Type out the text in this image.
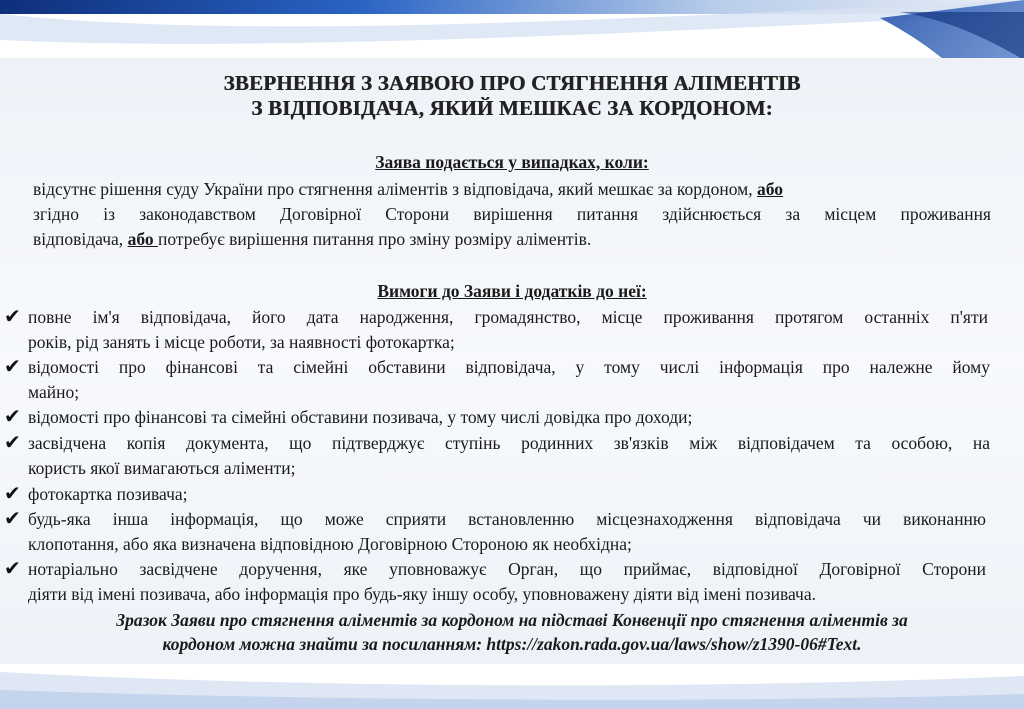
ЗВЕРНЕННЯ З ЗАЯВОЮ ПРО СТЯГНЕННЯ АЛІМЕНТІВ
З ВІДПОВІДАЧА, ЯКИЙ МЕШКАЄ ЗА КОРДОНОМ:
Заява подається у випадках, коли:
відсутнє рішення суду України про стягнення аліментів з відповідача, який мешкає за кордоном, або
згідно із законодавством Договірної Сторони вирішення питання здійснюється за місцем проживання
відповідача, або потребує вирішення питання про зміну розміру аліментів.
Вимоги до Заяви і додатків до неї:
✔ повне ім'я відповідача, його дата народження, громадянство, місце проживання протягом останніх п'яти
років, рід занять і місце роботи, за наявності фотокартка;
✔ відомості про фінансові та сімейні обставини відповідача, у тому числі інформація про належне йому
майно;
✔ відомості про фінансові та сімейні обставини позивача, у тому числі довідка про доходи;
✔ засвідчена копія документа, що підтверджує ступінь родинних зв'язків між відповідачем та особою, на
користь якої вимагаються аліменти;
✔ фотокартка позивача;
✔ будь-яка інша інформація, що може сприяти встановленню місцезнаходження відповідача чи виконанню
клопотання, або яка визначена відповідною Договірною Стороною як необхідна;
✔ нотаріально засвідчене доручення, яке уповноважує Орган, що приймає, відповідної Договірної Сторони
діяти від імені позивача, або інформація про будь-яку іншу особу, уповноважену діяти від імені позивача.
Зразок Заяви про стягнення аліментів за кордоном на підставі Конвенції про стягнення аліментів за
кордоном можна знайти за посиланням: https://zakon.rada.gov.ua/laws/show/z1390-06#Text.
